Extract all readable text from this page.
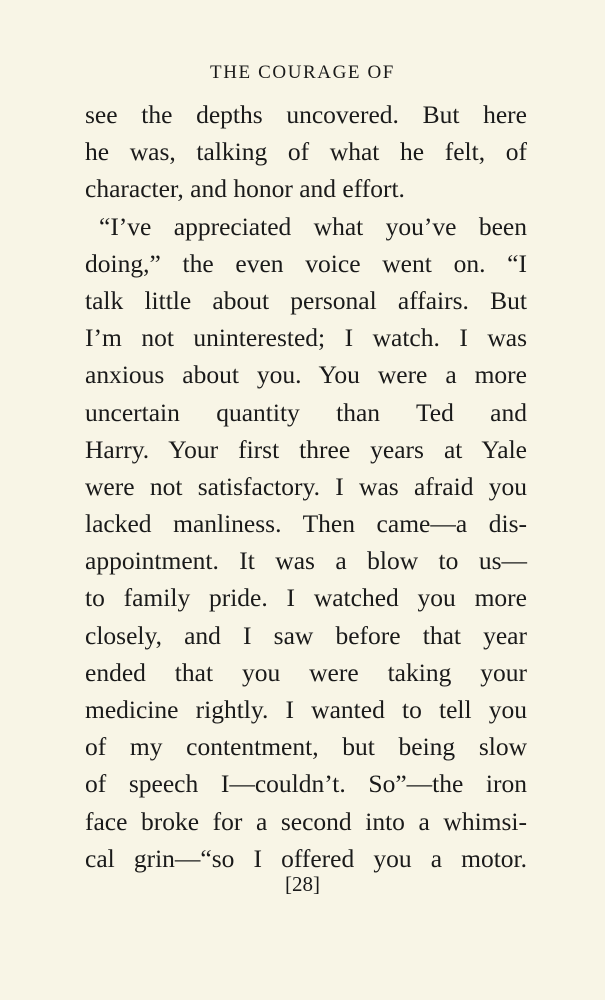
THE COURAGE OF
see the depths uncovered. But here
he was, talking of what he felt, of
character, and honor and effort.
“I’ve appreciated what you’ve been
doing,” the even voice went on. “I
talk little about personal affairs. But
I’m not uninterested; I watch. I was
anxious about you. You were a more
uncertain quantity than Ted and
Harry. Your first three years at Yale
were not satisfactory. I was afraid you
lacked manliness. Then came—a dis-
appointment. It was a blow to us—
to family pride. I watched you more
closely, and I saw before that year
ended that you were taking your
medicine rightly. I wanted to tell you
of my contentment, but being slow
of speech I—couldn’t. So”—the iron
face broke for a second into a whimsi-
cal grin—“so I offered you a motor.
[28]
